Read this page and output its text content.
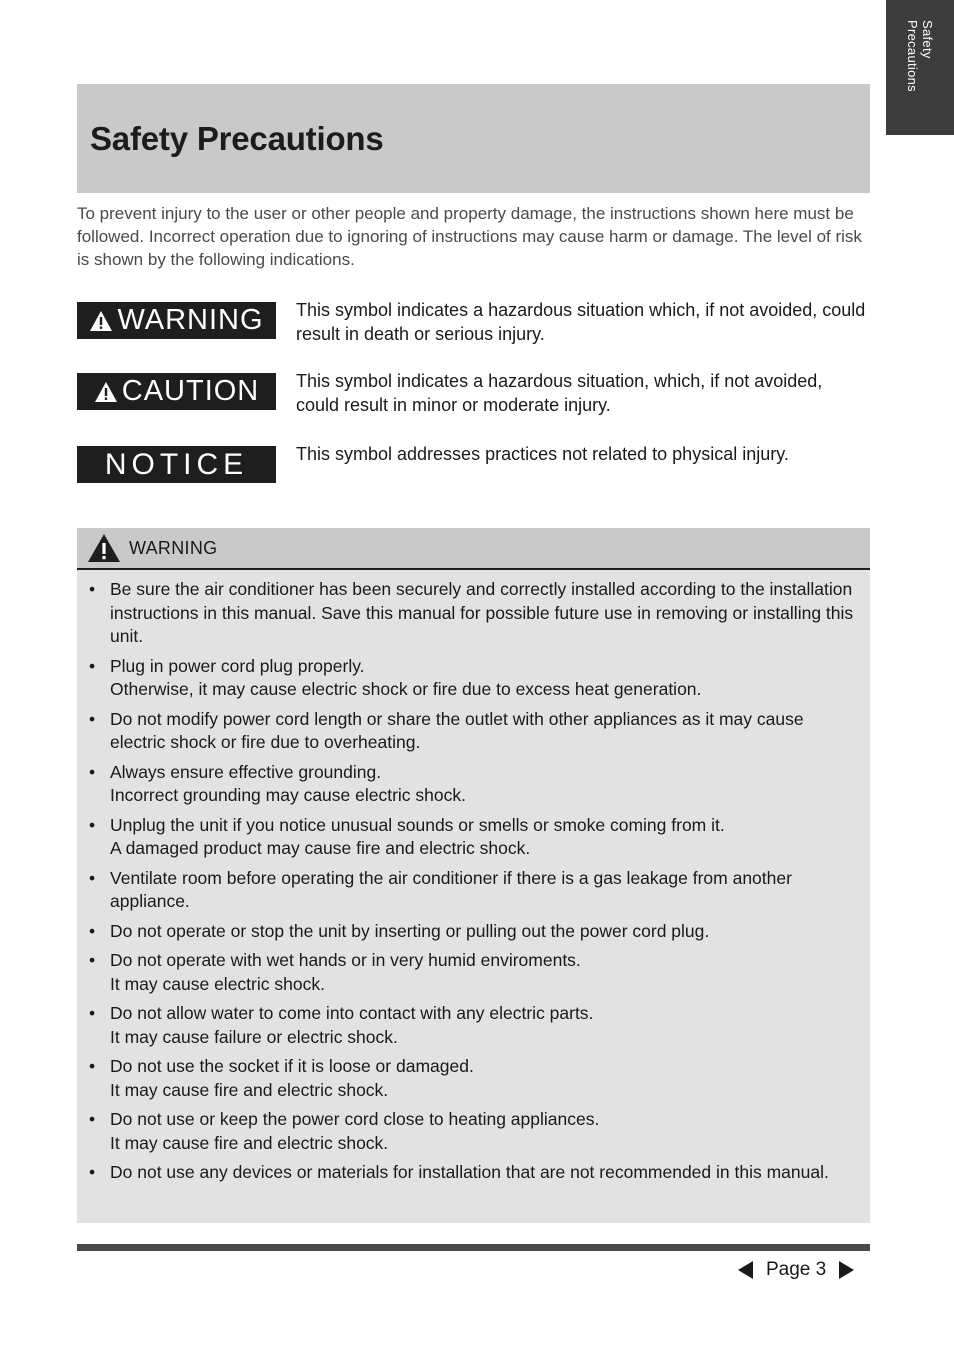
Safety
Precautions
Safety Precautions

To prevent injury to the user or other people and property damage, the instructions shown here must be followed. Incorrect operation due to ignoring of instructions may cause harm or damage. The level of risk is shown by the following indications.

WARNING This symbol indicates a hazardous situation which, if not avoided, could result in death or serious injury.
CAUTION This symbol indicates a hazardous situation, which, if not avoided, could result in minor or moderate injury.
NOTICE	This symbol addresses practices not related to physical injury.
WARNING
• Be sure the air conditioner has been securely and correctly installed according to the installation instructions in this manual. Save this manual for possible future use in removing or installing this unit.
• Plug in power cord plug properly.
Otherwise, it may cause electric shock or fire due to excess heat generation.
• Do not modify power cord length or share the outlet with other appliances as it may cause electric shock or fire due to overheating.
• Always ensure effective grounding.
Incorrect grounding may cause electric shock.
• Unplug the unit if you notice unusual sounds or smells or smoke coming from it.
A damaged product may cause fire and electric shock.
• Ventilate room before operating the air conditioner if there is a gas leakage from another appliance.
• Do not operate or stop the unit by inserting or pulling out the power cord plug.
• Do not operate with wet hands or in very humid enviroments.
It may cause electric shock.
• Do not allow water to come into contact with any electric parts.
It may cause failure or electric shock.
• Do not use the socket if it is loose or damaged.
It may cause fire and electric shock.
• Do not use or keep the power cord close to heating appliances.
It may cause fire and electric shock.
• Do not use any devices or materials for installation that are not recommended in this manual.
Page 3
